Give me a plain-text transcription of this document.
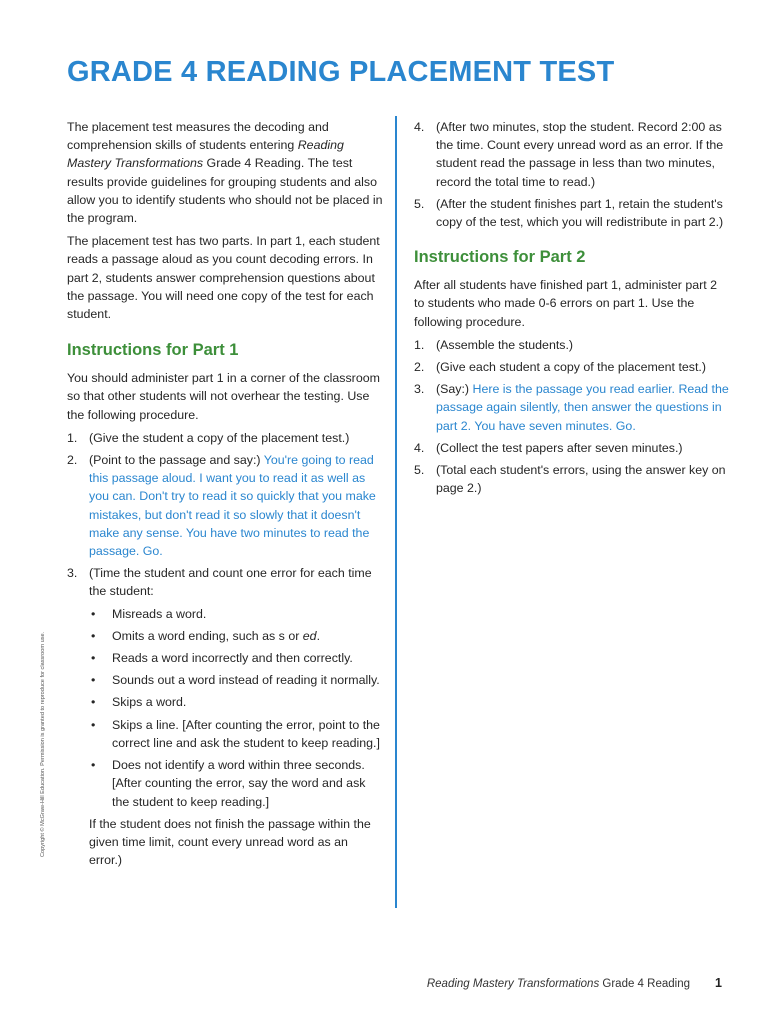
GRADE 4 READING PLACEMENT TEST

The placement test measures the decoding and comprehension skills of students entering Reading Mastery Transformations Grade 4 Reading. The test results provide guidelines for grouping students and also allow you to identify students who should not be placed in the program.

The placement test has two parts. In part 1, each student reads a passage aloud as you count decoding errors. In part 2, students answer comprehension questions about the passage. You will need one copy of the test for each student.

Instructions for Part 1

You should administer part 1 in a corner of the classroom so that other students will not overhear the testing. Use the following procedure.

1. (Give the student a copy of the placement test.)
2. (Point to the passage and say:) You're going to read this passage aloud. I want you to read it as well as you can. Don't try to read it so quickly that you make mistakes, but don't read it so slowly that it doesn't make any sense. You have two minutes to read the passage. Go.
3. (Time the student and count one error for each time the student:
• Misreads a word.
• Omits a word ending, such as s or ed.
• Reads a word incorrectly and then correctly.
• Sounds out a word instead of reading it normally.
• Skips a word.
• Skips a line. [After counting the error, point to the correct line and ask the student to keep reading.]
• Does not identify a word within three seconds. [After counting the error, say the word and ask the student to keep reading.]

If the student does not finish the passage within the given time limit, count every unread word as an error.)

4. (After two minutes, stop the student. Record 2:00 as the time. Count every unread word as an error. If the student read the passage in less than two minutes, record the total time to read.)
5. (After the student finishes part 1, retain the student's copy of the test, which you will redistribute in part 2.)
Instructions for Part 2

After all students have finished part 1, administer part 2 to students who made 0-6 errors on part 1. Use the following procedure.

1. (Assemble the students.)
2. (Give each student a copy of the placement test.)
3. (Say:) Here is the passage you read earlier. Read the passage again silently, then answer the questions in part 2. You have seven minutes. Go.
4. (Collect the test papers after seven minutes.)
5. (Total each student's errors, using the answer key on page 2.)
Copyright © McGraw-Hill Education. Permission is granted to reproduce for classroom use.
Reading Mastery Transformations Grade 4 Reading 1
